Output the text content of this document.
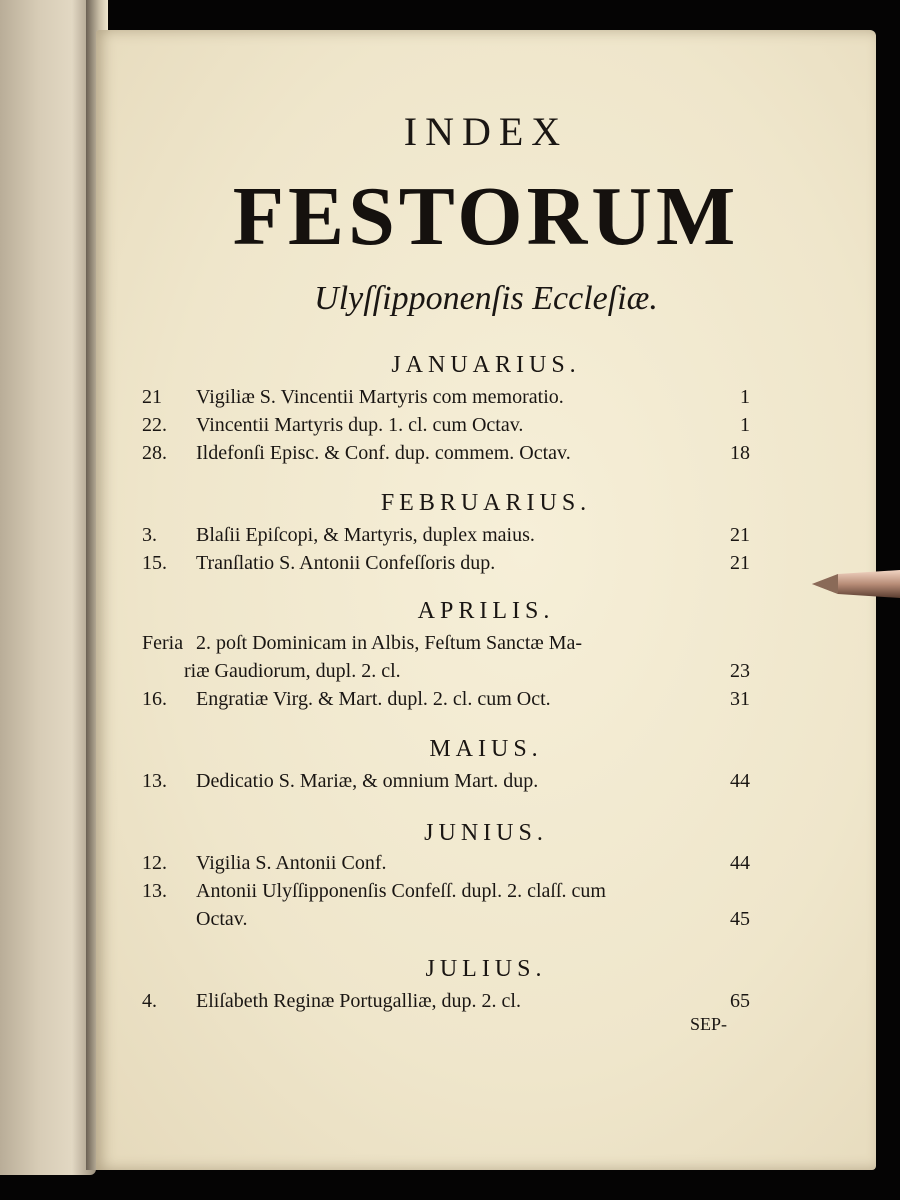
INDEX
FESTORUM
Ulyſſipponenſis Eccleſiæ.
JANUARIUS.
21	Vigiliæ S. Vincentii Martyris com memoratio.	1
22.	Vincentii Martyris dup. 1. cl. cum Octav.	1
28.	Ildefonſi Episc. & Conf. dup. commem. Octav.	18
FEBRUARIUS.
3.	Blaſii Epiſcopi, & Martyris, duplex maius.	21
15.	Tranſlatio S. Antonii Confeſſoris dup.	21
APRILIS.
Feria 2. poſt Dominicam in Albis, Feſtum Sanctæ Ma-
riæ Gaudiorum, dupl. 2. cl.	23
16.	Engratiæ Virg. & Mart. dupl. 2. cl. cum Oct.	31
MAIUS.
13.	Dedicatio S. Mariæ, & omnium Mart. dup.	44
JUNIUS.
12.	Vigilia S. Antonii Conf.	44
13.	Antonii Ulyſſipponenſis Confeſſ. dupl. 2. claſſ. cum
Octav.	45
JULIUS.
4.	Eliſabeth Reginæ Portugalliæ, dup. 2. cl.	65
SEP-
